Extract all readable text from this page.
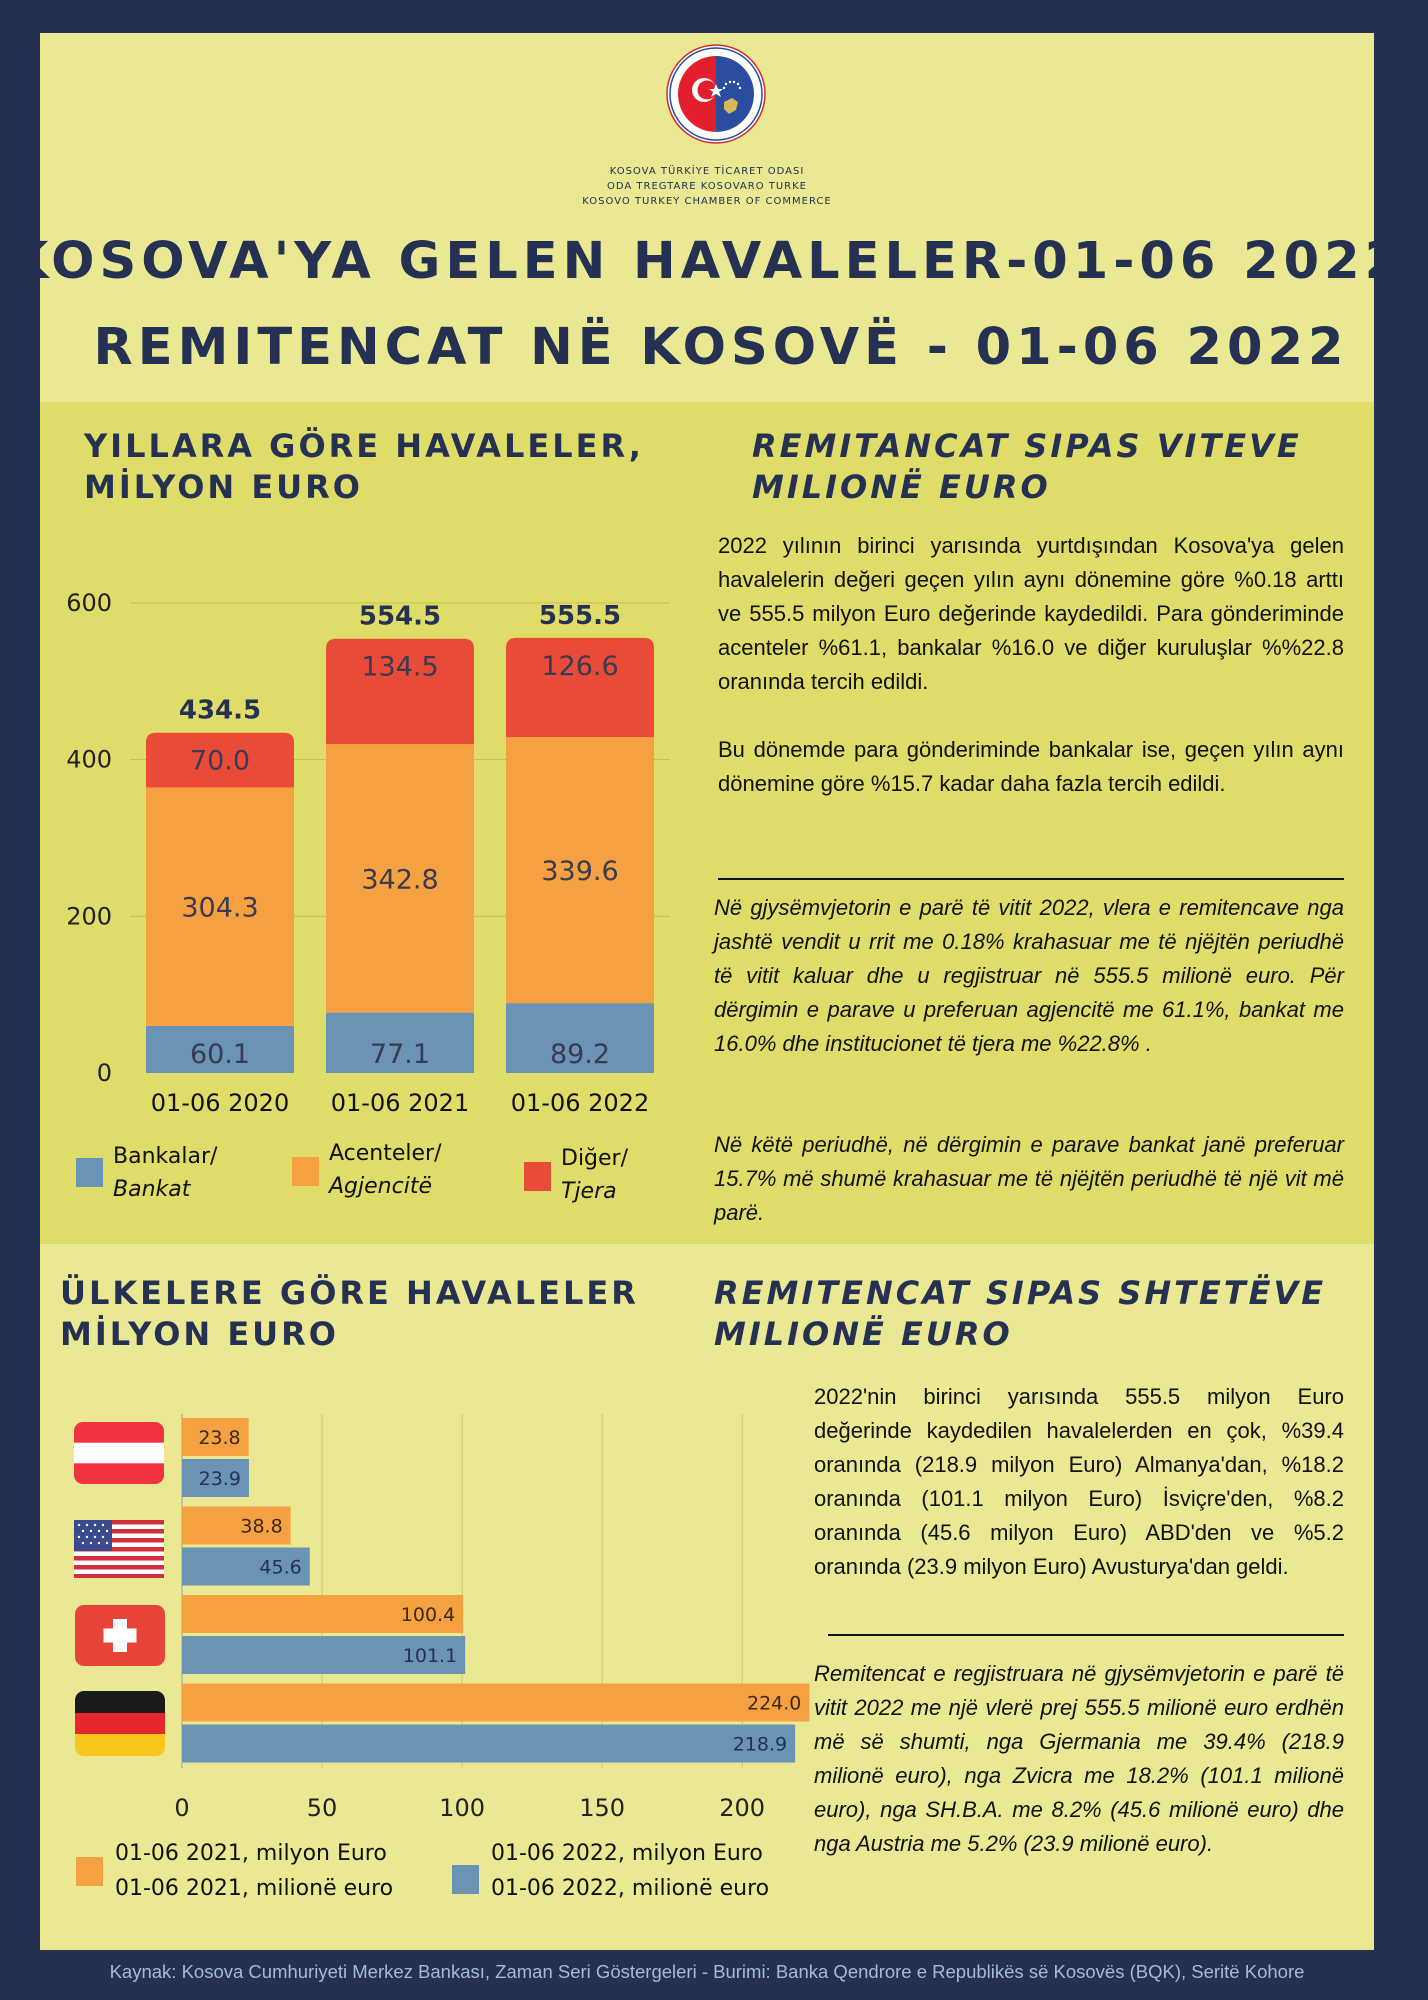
KOSOVA TÜRKİYE TİCARET ODASI
ODA TREGTARE KOSOVARO TURKE
KOSOVO TURKEY CHAMBER OF COMMERCE
KOSOVA'YA GELEN HAVALELER-01-06 2022
REMITENCAT NË KOSOVË - 01-06 2022
YILLARA GÖRE HAVALELER,
MİLYON EURO
REMITANCAT SIPAS VITEVE
MILIONË EURO
0
200
400
600
60.1
304.3
70.0
434.5
01-06 2020
77.1
342.8
134.5
554.5
01-06 2021
89.2
339.6
126.6
555.5
01-06 2022
Bankalar/
Bankat
Acenteler/
Agjencitë
Diğer/
Tjera

2022 yılının birinci yarısında yurtdışından Kosova'ya gelen havalelerin değeri geçen yılın aynı dönemine göre %0.18 arttı ve 555.5 milyon Euro değerinde kaydedildi. Para gönderiminde acenteler %61.1, bankalar %16.0 ve diğer kuruluşlar %%22.8 oranında tercih edildi.

Bu dönemde para gönderiminde bankalar ise, geçen yılın aynı dönemine göre %15.7 kadar daha fazla tercih edildi.

Në gjysëmvjetorin e parë të vitit 2022, vlera e remitencave nga jashtë vendit u rrit me 0.18% krahasuar me të njëjtën periudhë të vitit kaluar dhe u regjistruar në 555.5 milionë euro. Për dërgimin e parave u preferuan agjencitë me 61.1%, bankat me 16.0% dhe institucionet të tjera me %22.8% .

Në këtë periudhë, në dërgimin e parave bankat janë preferuar 15.7% më shumë krahasuar me të njëjtën periudhë të një vit më parë.

ÜLKELERE GÖRE HAVALELER
MİLYON EURO
REMITENCAT SIPAS SHTETËVE
MILIONË EURO
0	50	100	150	200
23.8
23.9
38.8
45.6
100.4
101.1
224.0
218.9
01-06 2021, milyon Euro
01-06 2021, milionë euro
01-06 2022, milyon Euro
01-06 2022, milionë euro

2022'nin birinci yarısında 555.5 milyon Euro değerinde kaydedilen havalelerden en çok, %39.4 oranında (218.9 milyon Euro) Almanya'dan, %18.2 oranında (101.1 milyon Euro) İsviçre'den, %8.2 oranında (45.6 milyon Euro) ABD'den ve %5.2 oranında (23.9 milyon Euro) Avusturya'dan geldi.

Remitencat e regjistruara në gjysëmvjetorin e parë të vitit 2022 me një vlerë prej 555.5 milionë euro erdhën më së shumti, nga Gjermania me 39.4% (218.9 milionë euro), nga Zvicra me 18.2% (101.1 milionë euro), nga SH.B.A. me 8.2% (45.6 milionë euro) dhe nga Austria me 5.2% (23.9 milionë euro).

Kaynak: Kosova Cumhuriyeti Merkez Bankası, Zaman Seri Göstergeleri - Burimi: Banka Qendrore e Republikës së Kosovës (BQK), Seritë Kohore
